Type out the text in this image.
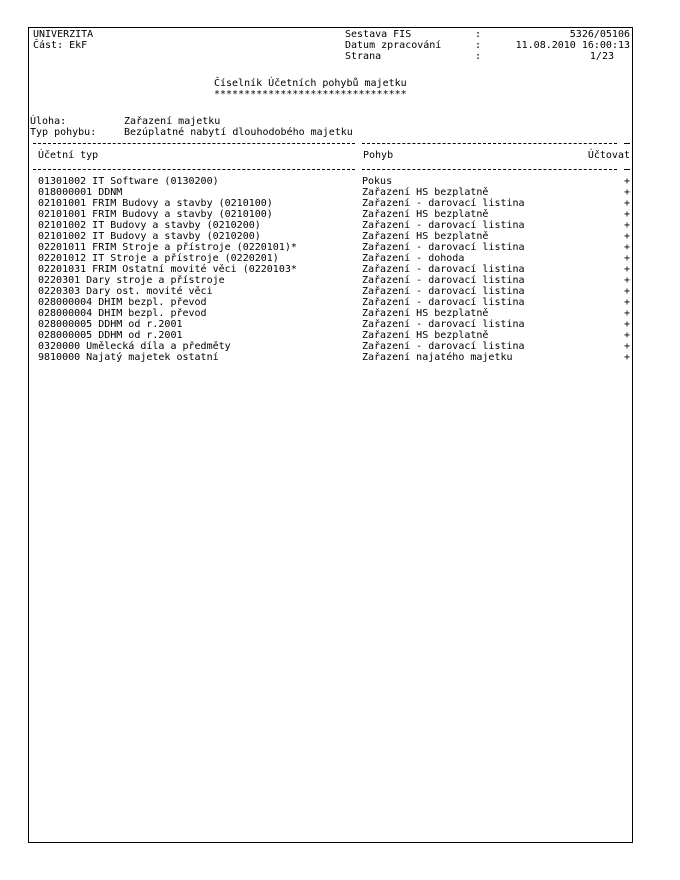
UNIVERZITA
Část: EkF
Sestava FIS	:	5326/05106
Datum zpracování	:	11.08.2010 16:00:13
Strana	:	1/23
Číselník Účetních pohybů majetku
********************************
Úloha:	Zařazení majetku
Typ pohybu:	Bezúplatné nabytí dlouhodobého majetku
Účetní typ	Pohyb	Účtovat
01301002 IT Software (0130200)	Pokus	+
018000001 DDNM	Zařazení HS bezplatně	+
02101001 FRIM Budovy a stavby (0210100)	Zařazení - darovací listina	+
02101001 FRIM Budovy a stavby (0210100)	Zařazení HS bezplatně	+
02101002 IT Budovy a stavby (0210200)	Zařazení - darovací listina	+
02101002 IT Budovy a stavby (0210200)	Zařazení HS bezplatně	+
02201011 FRIM Stroje a přístroje (0220101)*	Zařazení - darovací listina	+
02201012 IT Stroje a přístroje (0220201)	Zařazení - dohoda	+
02201031 FRIM Ostatní movité věci (0220103*	Zařazení - darovací listina	+
0220301 Dary stroje a přístroje	Zařazení - darovací listina	+
0220303 Dary ost. movité věci	Zařazení - darovací listina	+
028000004 DHIM bezpl. převod	Zařazení - darovací listina	+
028000004 DHIM bezpl. převod	Zařazení HS bezplatně	+
028000005 DDHM od r.2001	Zařazení - darovací listina	+
028000005 DDHM od r.2001	Zařazení HS bezplatně	+
0320000 Umělecká díla a předměty	Zařazení - darovací listina	+
9810000 Najatý majetek ostatní	Zařazení najatého majetku	+
